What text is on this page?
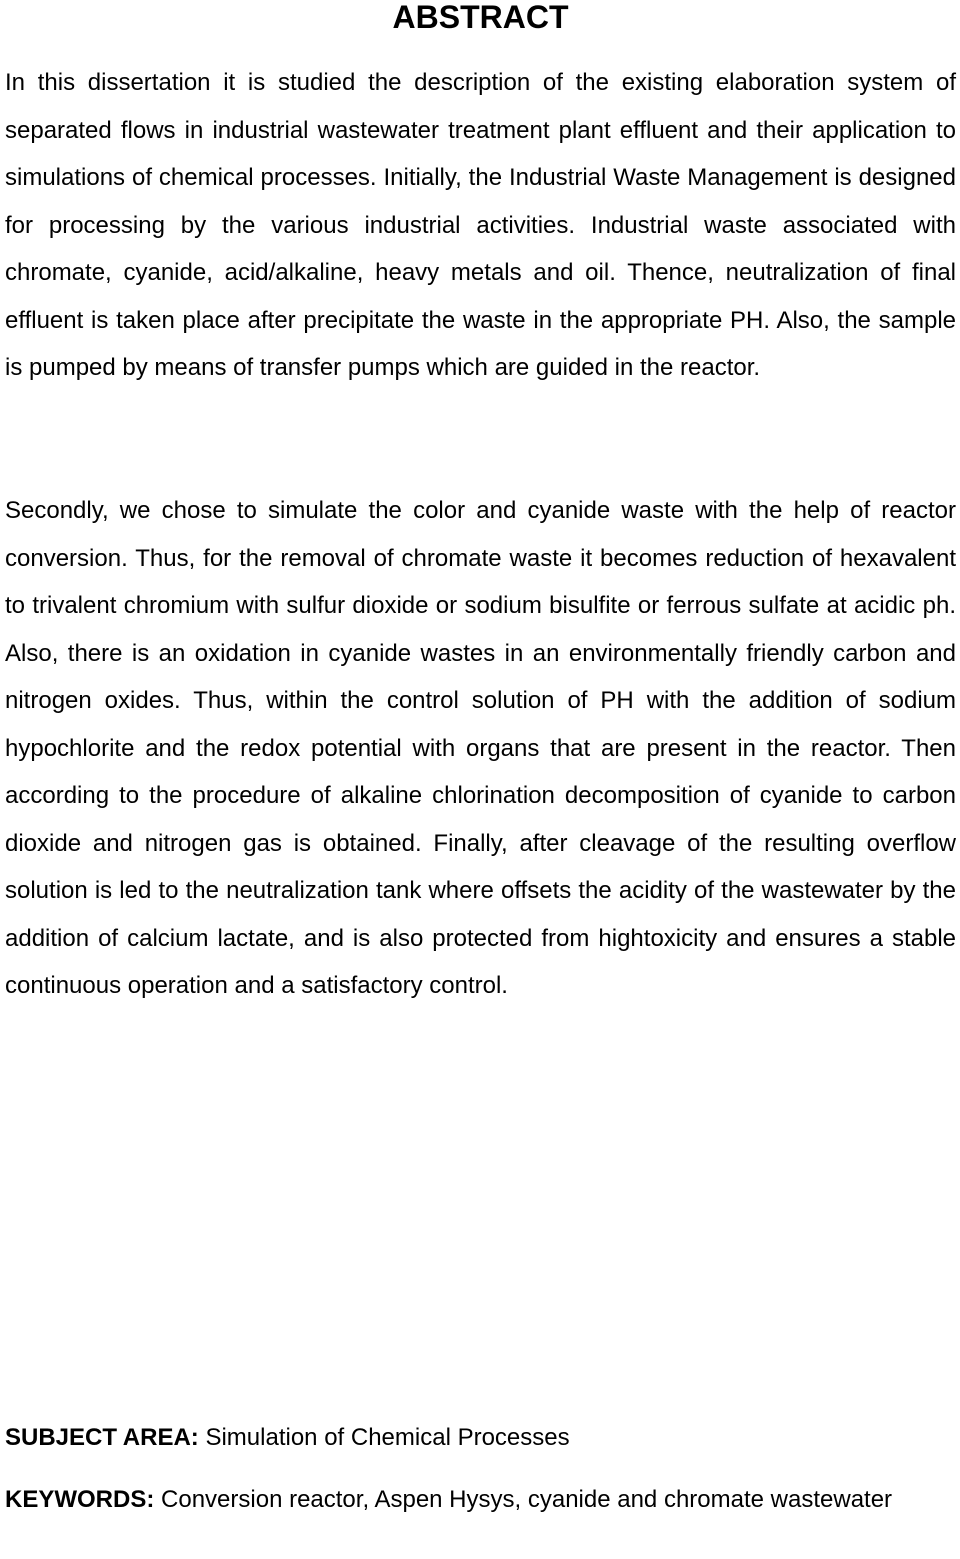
ABSTRACT

In this dissertation it is studied the description of the existing elaboration system of separated flows in industrial wastewater treatment plant effluent and their application to simulations of chemical processes. Initially, the Industrial Waste Management is designed for processing by the various industrial activities. Industrial waste associated with chromate, cyanide, acid/alkaline, heavy metals and oil. Thence, neutralization of final effluent is taken place after precipitate the waste in the appropriate PH. Also, the sample is pumped by means of transfer pumps which are guided in the reactor.

Secondly, we chose to simulate the color and cyanide waste with the help of reactor conversion. Thus, for the removal of chromate waste it becomes reduction of hexavalent to trivalent chromium with sulfur dioxide or sodium bisulfite or ferrous sulfate at acidic ph. Also, there is an oxidation in cyanide wastes in an environmentally friendly carbon and nitrogen oxides. Thus, within the control solution of PH with the addition of sodium hypochlorite and the redox potential with organs that are present in the reactor. Then according to the procedure of alkaline chlorination decomposition of cyanide to carbon dioxide and nitrogen gas is obtained. Finally, after cleavage of the resulting overflow solution is led to the neutralization tank where offsets the acidity of the wastewater by the addition of calcium lactate, and is also protected from hightoxicity and ensures a stable continuous operation and a satisfactory control.

SUBJECT AREA: Simulation of Chemical Processes

KEYWORDS: Conversion reactor, Aspen Hysys, cyanide and chromate wastewater
